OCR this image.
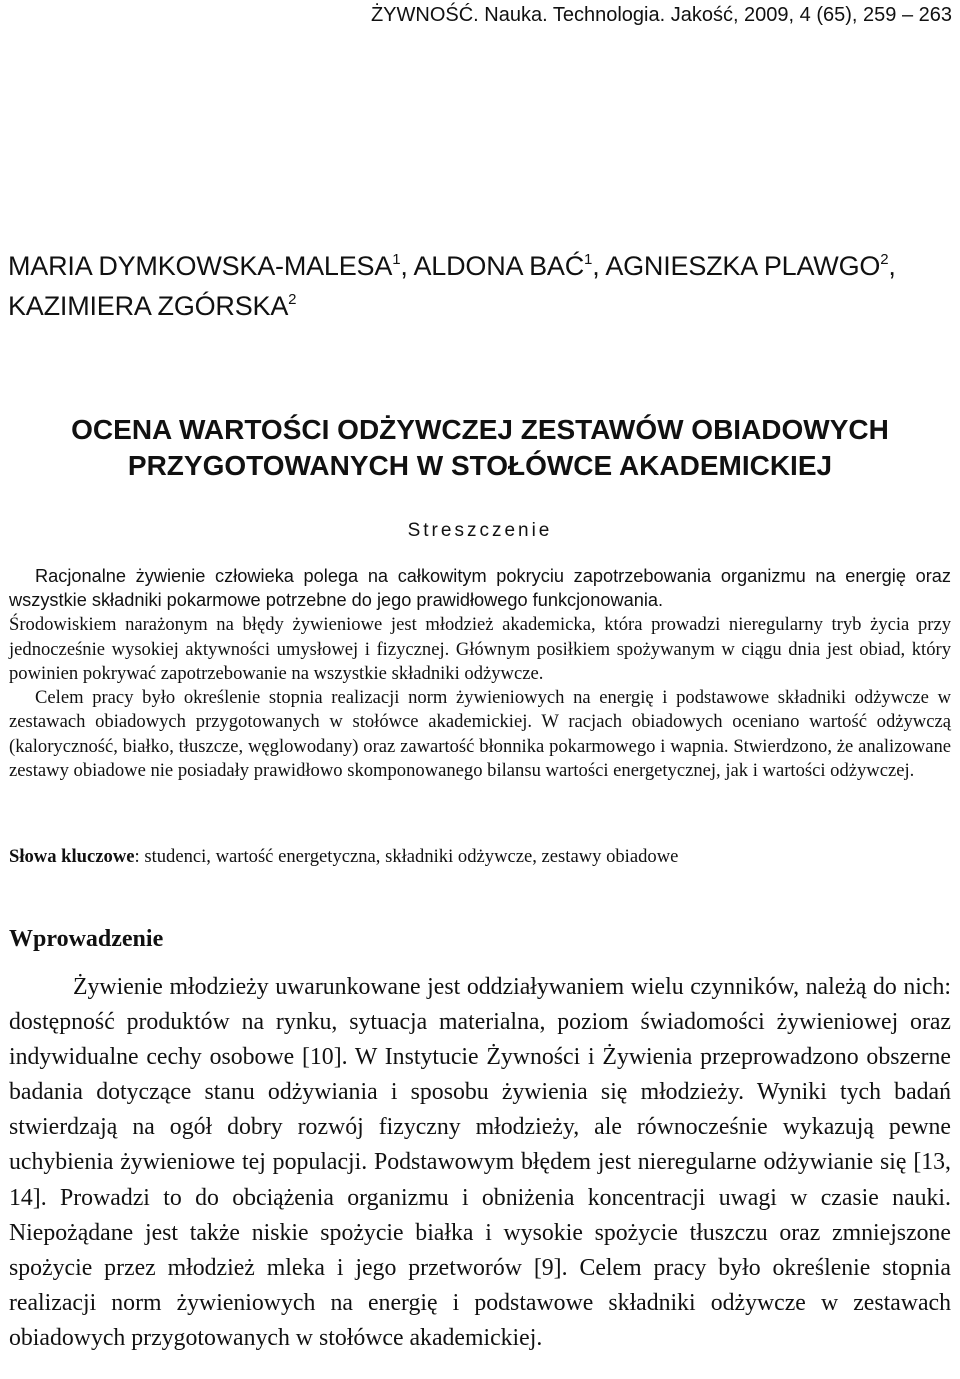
ŻYWNOŚĆ. Nauka. Technologia. Jakość, 2009, 4 (65), 259 – 263
MARIA DYMKOWSKA-MALESA$^1$, ALDONA BAĆ$^1$, AGNIESZKA PLAWGO$^2$,
KAZIMIERA ZGÓRSKA$^2$
OCENA WARTOŚCI ODŻYWCZEJ ZESTAWÓW OBIADOWYCH
PRZYGOTOWANYCH W STOŁÓWCE AKADEMICKIEJ
Streszczenie

Racjonalne żywienie człowieka polega na całkowitym pokryciu zapotrzebowania organizmu na energię oraz wszystkie składniki pokarmowe potrzebne do jego prawidłowego funkcjonowania.

Środowiskiem narażonym na błędy żywieniowe jest młodzież akademicka, która prowadzi nieregularny tryb życia przy jednocześnie wysokiej aktywności umysłowej i fizycznej. Głównym posiłkiem spożywanym w ciągu dnia jest obiad, który powinien pokrywać zapotrzebowanie na wszystkie składniki odżywcze.

Celem pracy było określenie stopnia realizacji norm żywieniowych na energię i podstawowe składniki odżywcze w zestawach obiadowych przygotowanych w stołówce akademickiej. W racjach obiadowych oceniano wartość odżywczą (kaloryczność, białko, tłuszcze, węglowodany) oraz zawartość błonnika pokarmowego i wapnia. Stwierdzono, że analizowane zestawy obiadowe nie posiadały prawidłowo skomponowanego bilansu wartości energetycznej, jak i wartości odżywczej.

Słowa kluczowe: studenci, wartość energetyczna, składniki odżywcze, zestawy obiadowe
Wprowadzenie

Żywienie młodzieży uwarunkowane jest oddziaływaniem wielu czynników, należą do nich: dostępność produktów na rynku, sytuacja materialna, poziom świadomości żywieniowej oraz indywidualne cechy osobowe [10]. W Instytucie Żywności i Żywienia przeprowadzono obszerne badania dotyczące stanu odżywiania i sposobu żywienia się młodzieży. Wyniki tych badań stwierdzają na ogół dobry rozwój fizyczny młodzieży, ale równocześnie wykazują pewne uchybienia żywieniowe tej populacji. Podstawowym błędem jest nieregularne odżywianie się [13, 14]. Prowadzi to do obciążenia organizmu i obniżenia koncentracji uwagi w czasie nauki. Niepożądane jest także niskie spożycie białka i wysokie spożycie tłuszczu oraz zmniejszone spożycie przez młodzież mleka i jego przetworów [9]. Celem pracy było określenie stopnia realizacji norm żywieniowych na energię i podstawowe składniki odżywcze w zestawach obiadowych przygotowanych w stołówce akademickiej.
